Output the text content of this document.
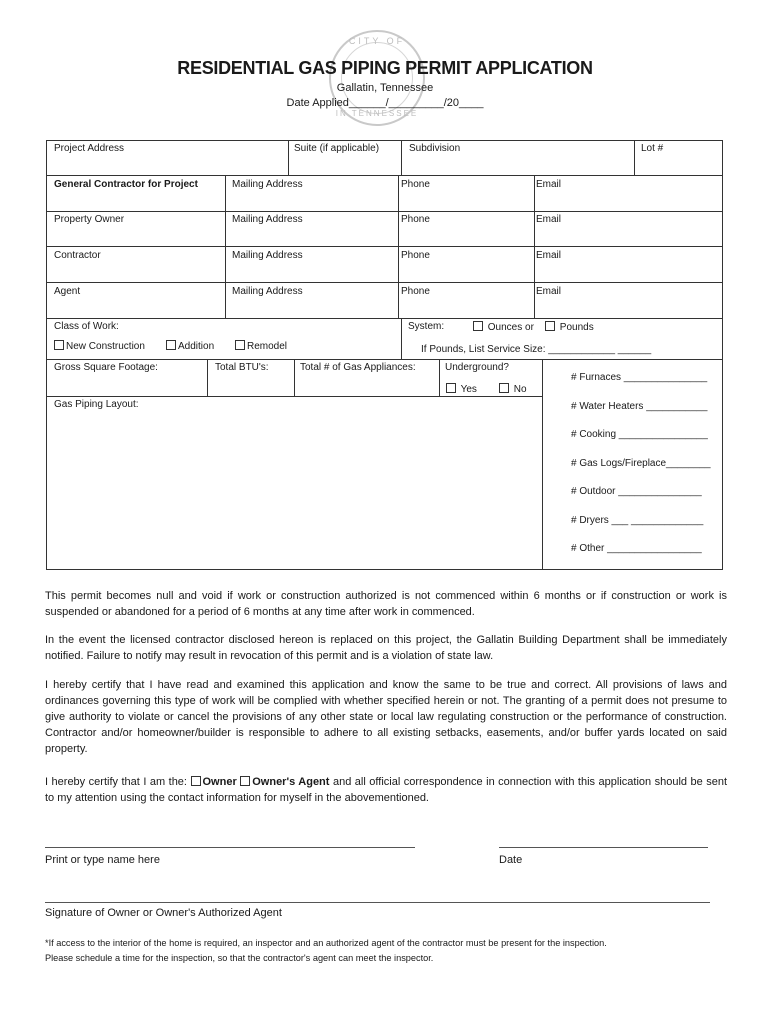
CITY OF
IN TENNESSEE
RESIDENTIAL GAS PIPING PERMIT APPLICATION
Gallatin, Tennessee
Date Applied______/_________/20____
Project Address	Suite (if applicable)	Subdivision	Lot #
General Contractor for Project	Mailing Address	Phone	Email
Property Owner	Mailing Address	Phone	Email
Contractor	Mailing Address	Phone	Email
Agent	Mailing Address	Phone	Email
Class of Work:
New Construction	Addition	Remodel
System:	Ounces or	Pounds
If Pounds, List Service Size: ____________ ______
Gross Square Footage:	Total BTU's:	Total # of Gas Appliances:	Underground?
Yes	No
Gas Piping Layout:
# Furnaces _______________
# Water Heaters ___________
# Cooking ________________
# Gas Logs/Fireplace________
# Outdoor _______________
# Dryers ___ _____________
# Other _________________
This permit becomes null and void if work or construction authorized is not commenced within 6 months or if construction or work is suspended or abandoned for a period of 6 months at any time after work in commenced.
In the event the licensed contractor disclosed hereon is replaced on this project, the Gallatin Building Department shall be immediately notified. Failure to notify may result in revocation of this permit and is a violation of state law.
I hereby certify that I have read and examined this application and know the same to be true and correct. All provisions of laws and ordinances governing this type of work will be complied with whether specified herein or not. The granting of a permit does not presume to give authority to violate or cancel the provisions of any other state or local law regulating construction or the performance of construction. Contractor and/or homeowner/builder is responsible to adhere to all existing setbacks, easements, and/or buffer yards located on said property.
I hereby certify that I am the: Owner Owner's Agent and all official correspondence in connection with this application should be sent to my attention using the contact information for myself in the abovementioned.
Print or type name here	Date
Signature of Owner or Owner's Authorized Agent
*If access to the interior of the home is required, an inspector and an authorized agent of the contractor must be present for the inspection.
Please schedule a time for the inspection, so that the contractor's agent can meet the inspector.
